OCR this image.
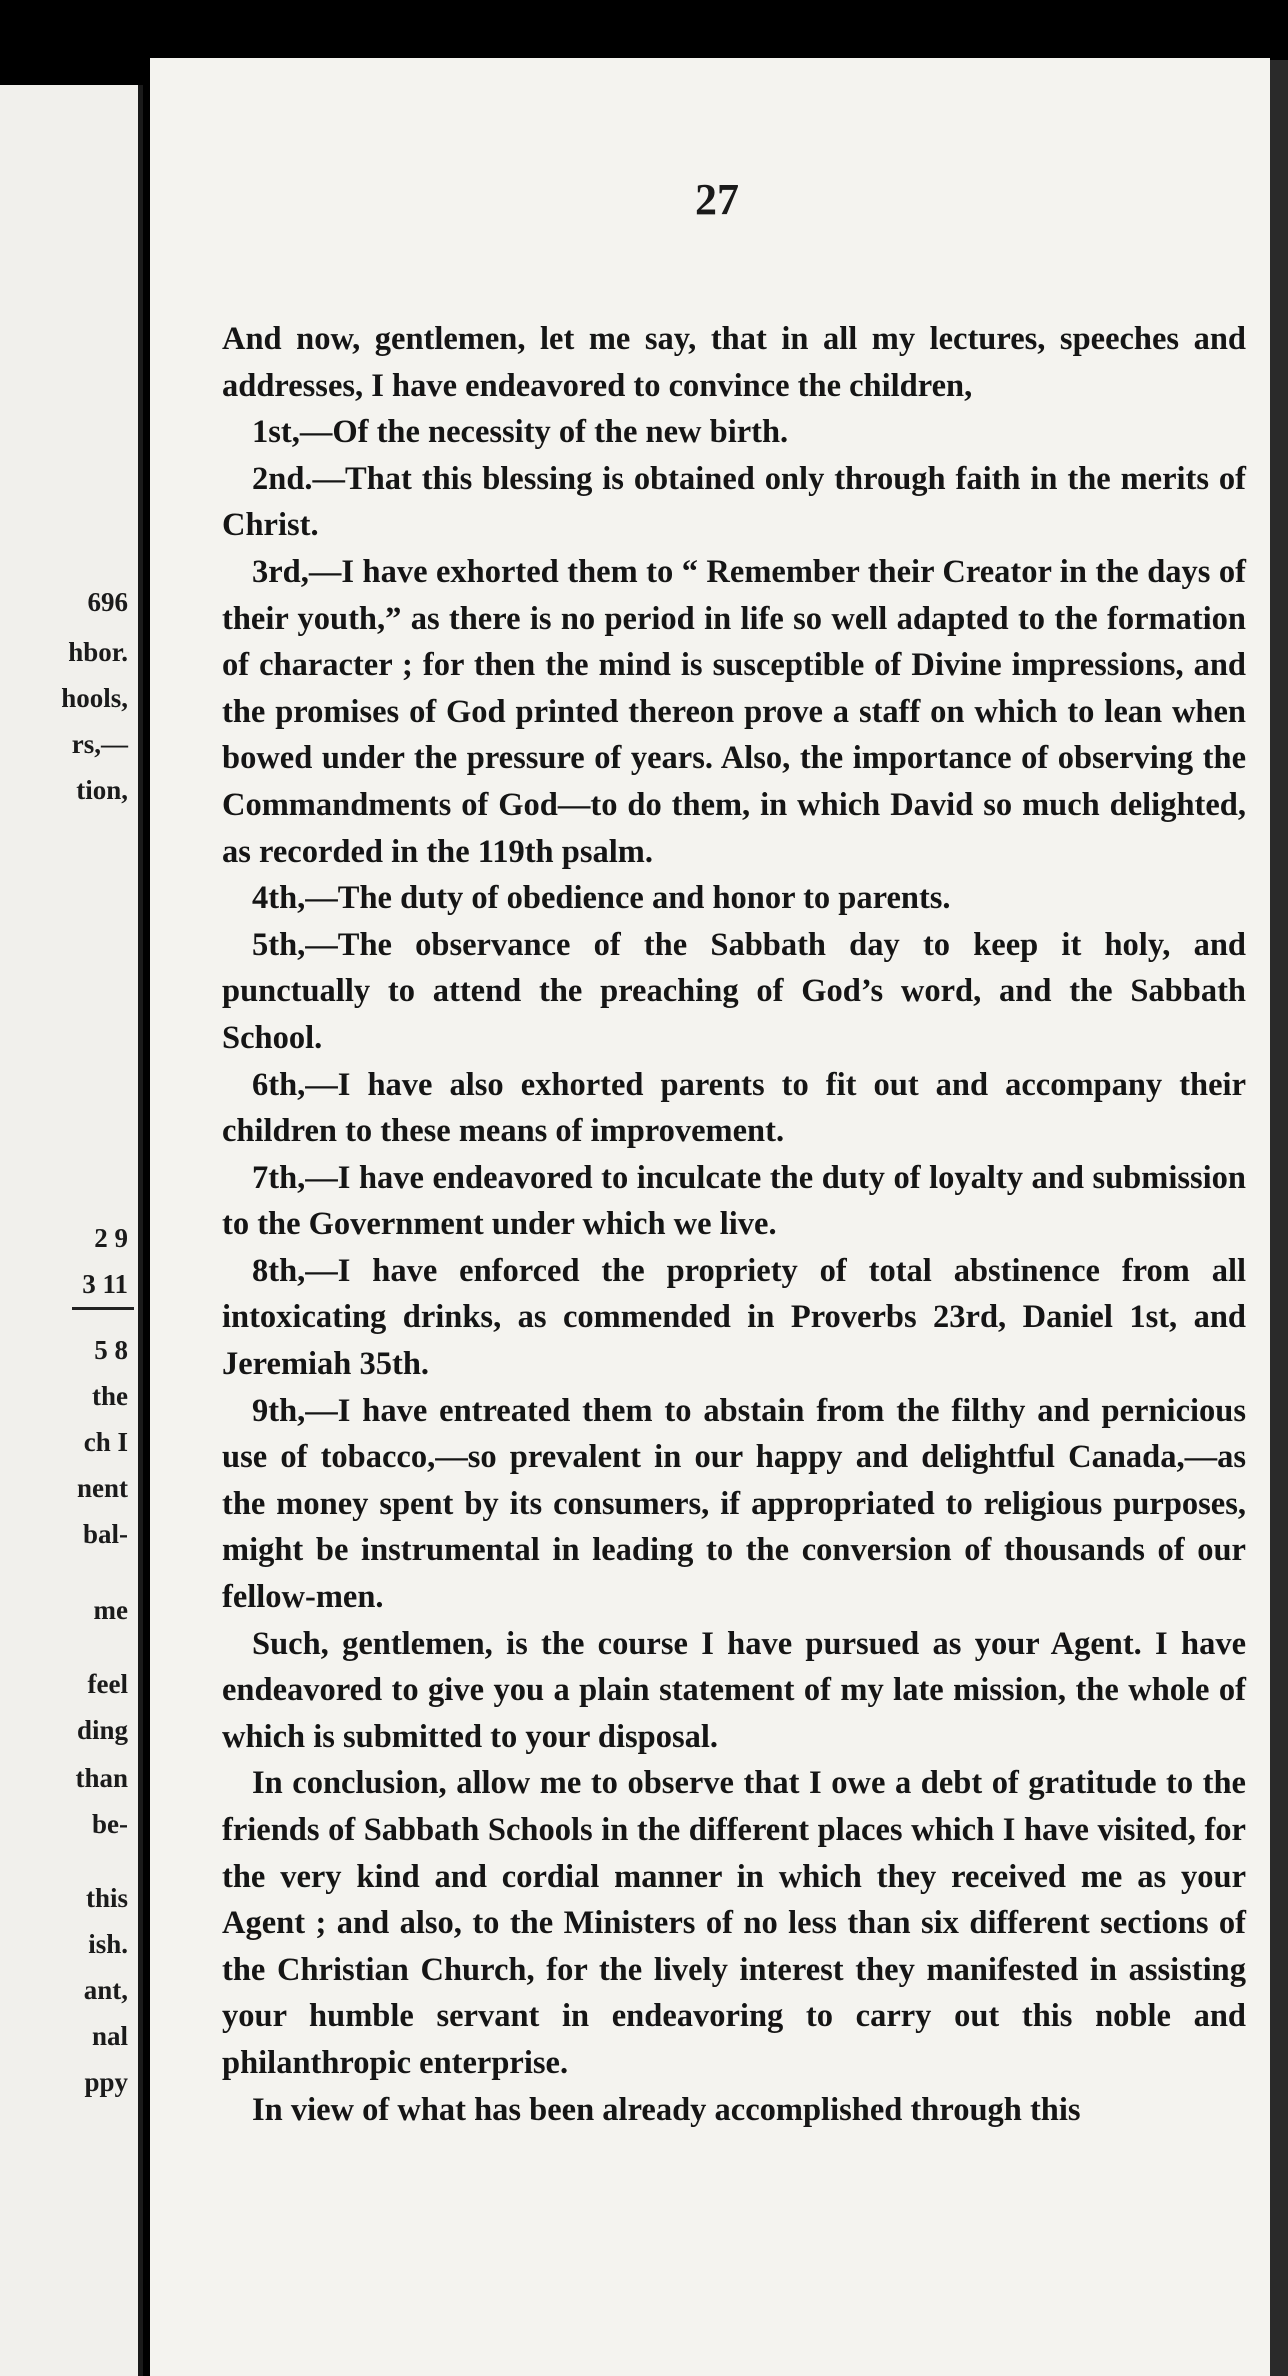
696
hbor.
hools,
rs,—
tion,
2 9
3 11
5 8
the
ch I
nent
bal-
me
feel
ding
than
be-
this
ish.
ant,
nal
ppy
27

And now, gentlemen, let me say, that in all my lectures, speeches and addresses, I have endeavored to convince the children,

1st,—Of the necessity of the new birth.

2nd.—That this blessing is obtained only through faith in the merits of Christ.

3rd,—I have exhorted them to “ Remember their Creator in the days of their youth,” as there is no period in life so well adapted to the formation of character ; for then the mind is susceptible of Divine impressions, and the promises of God printed thereon prove a staff on which to lean when bowed under the pressure of years. Also, the importance of observing the Commandments of God—to do them, in which David so much delighted, as recorded in the 119th psalm.

4th,—The duty of obedience and honor to parents.

5th,—The observance of the Sabbath day to keep it holy, and punctually to attend the preaching of God’s word, and the Sabbath School.

6th,—I have also exhorted parents to fit out and accompany their children to these means of improvement.

7th,—I have endeavored to inculcate the duty of loyalty and submission to the Government under which we live.

8th,—I have enforced the propriety of total abstinence from all intoxicating drinks, as commended in Proverbs 23rd, Daniel 1st, and Jeremiah 35th.

9th,—I have entreated them to abstain from the filthy and pernicious use of tobacco,—so prevalent in our happy and delightful Canada,—as the money spent by its consumers, if appropriated to religious purposes, might be instrumental in leading to the conversion of thousands of our fellow-men.

Such, gentlemen, is the course I have pursued as your Agent. I have endeavored to give you a plain statement of my late mission, the whole of which is submitted to your disposal.

In conclusion, allow me to observe that I owe a debt of gratitude to the friends of Sabbath Schools in the different places which I have visited, for the very kind and cordial manner in which they received me as your Agent ; and also, to the Ministers of no less than six different sections of the Christian Church, for the lively interest they manifested in assisting your humble servant in endeavoring to carry out this noble and philanthropic enterprise.

In view of what has been already accomplished through this
